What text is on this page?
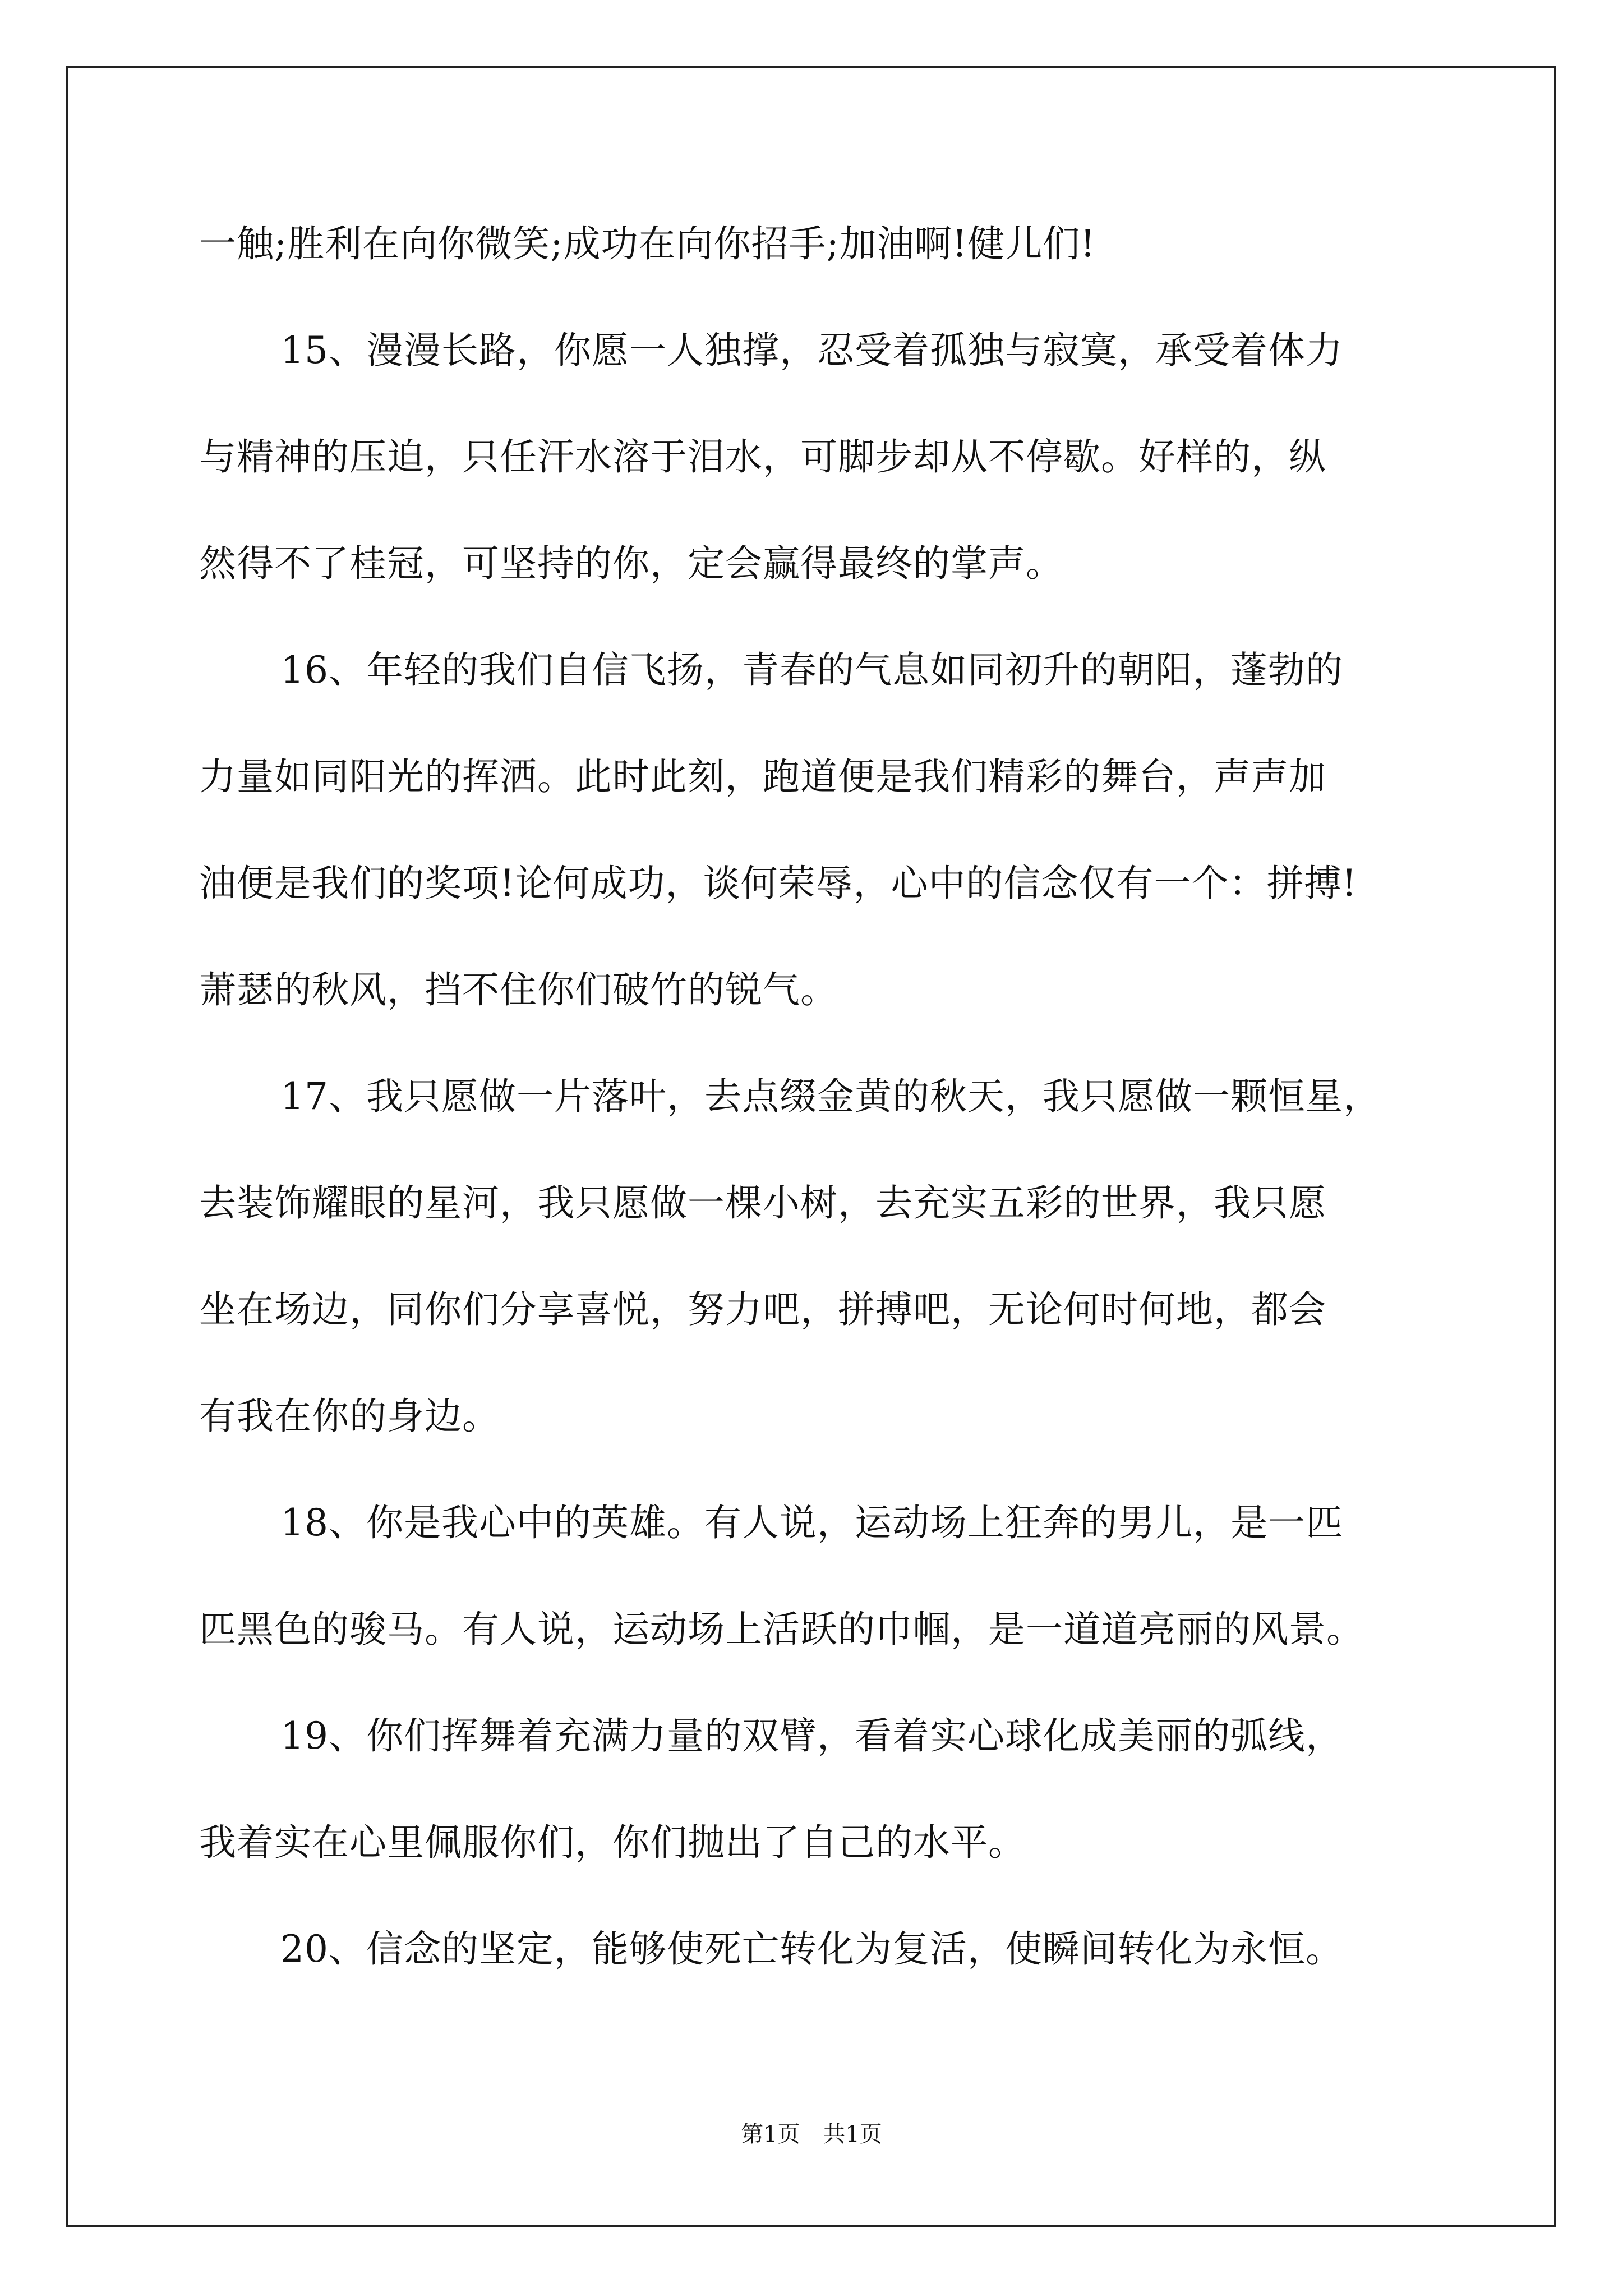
一触;胜利在向你微笑;成功在向你招手;加油啊!健儿们!
15、漫漫长路，你愿一人独撑，忍受着孤独与寂寞，承受着体力
与精神的压迫，只任汗水溶于泪水，可脚步却从不停歇。好样的，纵
然得不了桂冠，可坚持的你，定会赢得最终的掌声。
16、年轻的我们自信飞扬，青春的气息如同初升的朝阳，蓬勃的
力量如同阳光的挥洒。此时此刻，跑道便是我们精彩的舞台，声声加
油便是我们的奖项!论何成功，谈何荣辱，心中的信念仅有一个：拼搏!
萧瑟的秋风，挡不住你们破竹的锐气。
17、我只愿做一片落叶，去点缀金黄的秋天，我只愿做一颗恒星，
去装饰耀眼的星河，我只愿做一棵小树，去充实五彩的世界，我只愿
坐在场边，同你们分享喜悦，努力吧，拼搏吧，无论何时何地，都会
有我在你的身边。
18、你是我心中的英雄。有人说，运动场上狂奔的男儿，是一匹
匹黑色的骏马。有人说，运动场上活跃的巾帼，是一道道亮丽的风景。
19、你们挥舞着充满力量的双臂，看着实心球化成美丽的弧线，
我着实在心里佩服你们，你们抛出了自己的水平。
20、信念的坚定，能够使死亡转化为复活，使瞬间转化为永恒。
第1页 共1页
